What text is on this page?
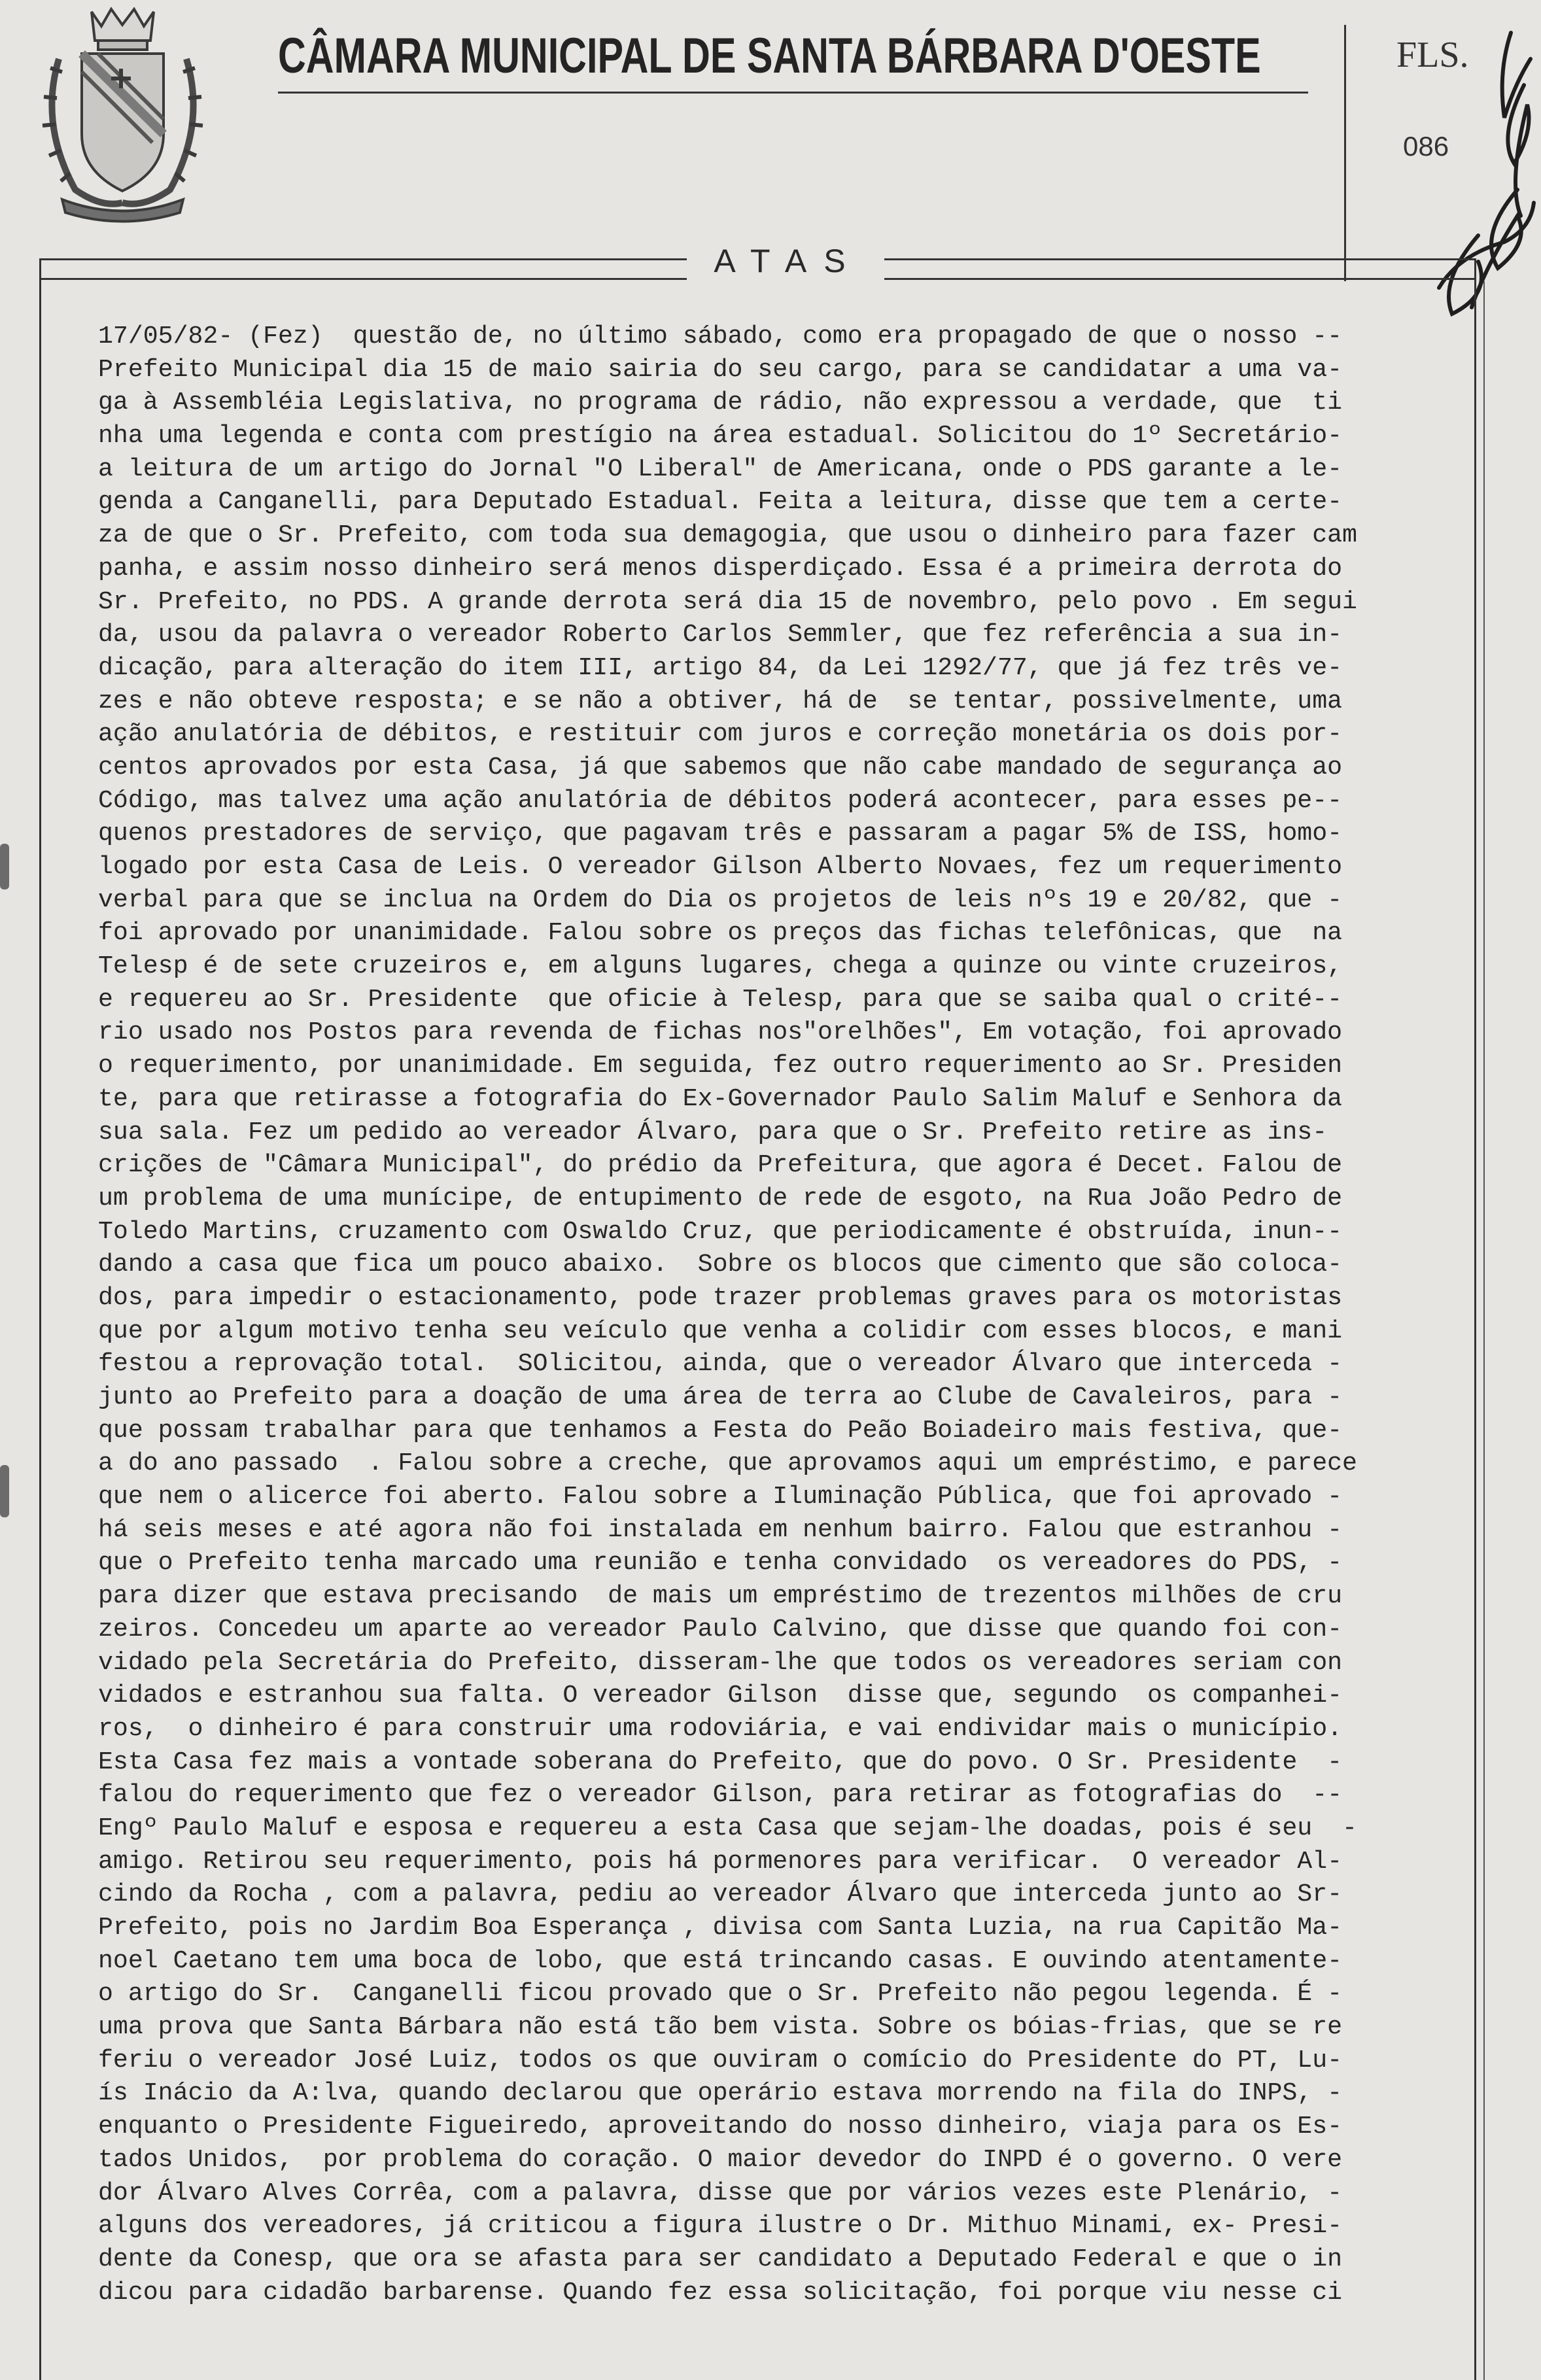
CÂMARA MUNICIPAL DE SANTA BÁRBARA D'OESTE	FLS.
086
ATAS
17/05/82- (Fez)  questão de, no último sábado, como era propagado de que o nosso --
Prefeito Municipal dia 15 de maio sairia do seu cargo, para se candidatar a uma va-
ga à Assembléia Legislativa, no programa de rádio, não expressou a verdade, que  ti
nha uma legenda e conta com prestígio na área estadual. Solicitou do 1º Secretário-
a leitura de um artigo do Jornal "O Liberal" de Americana, onde o PDS garante a le-
genda a Canganelli, para Deputado Estadual. Feita a leitura, disse que tem a certe-
za de que o Sr. Prefeito, com toda sua demagogia, que usou o dinheiro para fazer cam
panha, e assim nosso dinheiro será menos disperdiçado. Essa é a primeira derrota do
Sr. Prefeito, no PDS. A grande derrota será dia 15 de novembro, pelo povo . Em segui
da, usou da palavra o vereador Roberto Carlos Semmler, que fez referência a sua in-
dicação, para alteração do item III, artigo 84, da Lei 1292/77, que já fez três ve-
zes e não obteve resposta; e se não a obtiver, há de  se tentar, possivelmente, uma
ação anulatória de débitos, e restituir com juros e correção monetária os dois por-
centos aprovados por esta Casa, já que sabemos que não cabe mandado de segurança ao
Código, mas talvez uma ação anulatória de débitos poderá acontecer, para esses pe--
quenos prestadores de serviço, que pagavam três e passaram a pagar 5% de ISS, homo-
logado por esta Casa de Leis. O vereador Gilson Alberto Novaes, fez um requerimento
verbal para que se inclua na Ordem do Dia os projetos de leis nºs 19 e 20/82, que -
foi aprovado por unanimidade. Falou sobre os preços das fichas telefônicas, que  na
Telesp é de sete cruzeiros e, em alguns lugares, chega a quinze ou vinte cruzeiros,
e requereu ao Sr. Presidente  que oficie à Telesp, para que se saiba qual o crité--
rio usado nos Postos para revenda de fichas nos"orelhões", Em votação, foi aprovado
o requerimento, por unanimidade. Em seguida, fez outro requerimento ao Sr. Presiden
te, para que retirasse a fotografia do Ex-Governador Paulo Salim Maluf e Senhora da
sua sala. Fez um pedido ao vereador Álvaro, para que o Sr. Prefeito retire as ins-
crições de "Câmara Municipal", do prédio da Prefeitura, que agora é Decet. Falou de
um problema de uma munícipe, de entupimento de rede de esgoto, na Rua João Pedro de
Toledo Martins, cruzamento com Oswaldo Cruz, que periodicamente é obstruída, inun--
dando a casa que fica um pouco abaixo.  Sobre os blocos que cimento que são coloca-
dos, para impedir o estacionamento, pode trazer problemas graves para os motoristas
que por algum motivo tenha seu veículo que venha a colidir com esses blocos, e mani
festou a reprovação total.  SOlicitou, ainda, que o vereador Álvaro que interceda -
junto ao Prefeito para a doação de uma área de terra ao Clube de Cavaleiros, para -
que possam trabalhar para que tenhamos a Festa do Peão Boiadeiro mais festiva, que-
a do ano passado  . Falou sobre a creche, que aprovamos aqui um empréstimo, e parece
que nem o alicerce foi aberto. Falou sobre a Iluminação Pública, que foi aprovado -
há seis meses e até agora não foi instalada em nenhum bairro. Falou que estranhou -
que o Prefeito tenha marcado uma reunião e tenha convidado  os vereadores do PDS, -
para dizer que estava precisando  de mais um empréstimo de trezentos milhões de cru
zeiros. Concedeu um aparte ao vereador Paulo Calvino, que disse que quando foi con-
vidado pela Secretária do Prefeito, disseram-lhe que todos os vereadores seriam con
vidados e estranhou sua falta. O vereador Gilson  disse que, segundo  os companhei-
ros,  o dinheiro é para construir uma rodoviária, e vai endividar mais o município.
Esta Casa fez mais a vontade soberana do Prefeito, que do povo. O Sr. Presidente  -
falou do requerimento que fez o vereador Gilson, para retirar as fotografias do  --
Engº Paulo Maluf e esposa e requereu a esta Casa que sejam-lhe doadas, pois é seu  -
amigo. Retirou seu requerimento, pois há pormenores para verificar.  O vereador Al-
cindo da Rocha , com a palavra, pediu ao vereador Álvaro que interceda junto ao Sr-
Prefeito, pois no Jardim Boa Esperança , divisa com Santa Luzia, na rua Capitão Ma-
noel Caetano tem uma boca de lobo, que está trincando casas. E ouvindo atentamente-
o artigo do Sr.  Canganelli ficou provado que o Sr. Prefeito não pegou legenda. É -
uma prova que Santa Bárbara não está tão bem vista. Sobre os bóias-frias, que se re
feriu o vereador José Luiz, todos os que ouviram o comício do Presidente do PT, Lu-
ís Inácio da A:lva, quando declarou que operário estava morrendo na fila do INPS, -
enquanto o Presidente Figueiredo, aproveitando do nosso dinheiro, viaja para os Es-
tados Unidos,  por problema do coração. O maior devedor do INPD é o governo. O vere
dor Álvaro Alves Corrêa, com a palavra, disse que por vários vezes este Plenário, -
alguns dos vereadores, já criticou a figura ilustre o Dr. Mithuo Minami, ex- Presi-
dente da Conesp, que ora se afasta para ser candidato a Deputado Federal e que o in
dicou para cidadão barbarense. Quando fez essa solicitação, foi porque viu nesse ci
